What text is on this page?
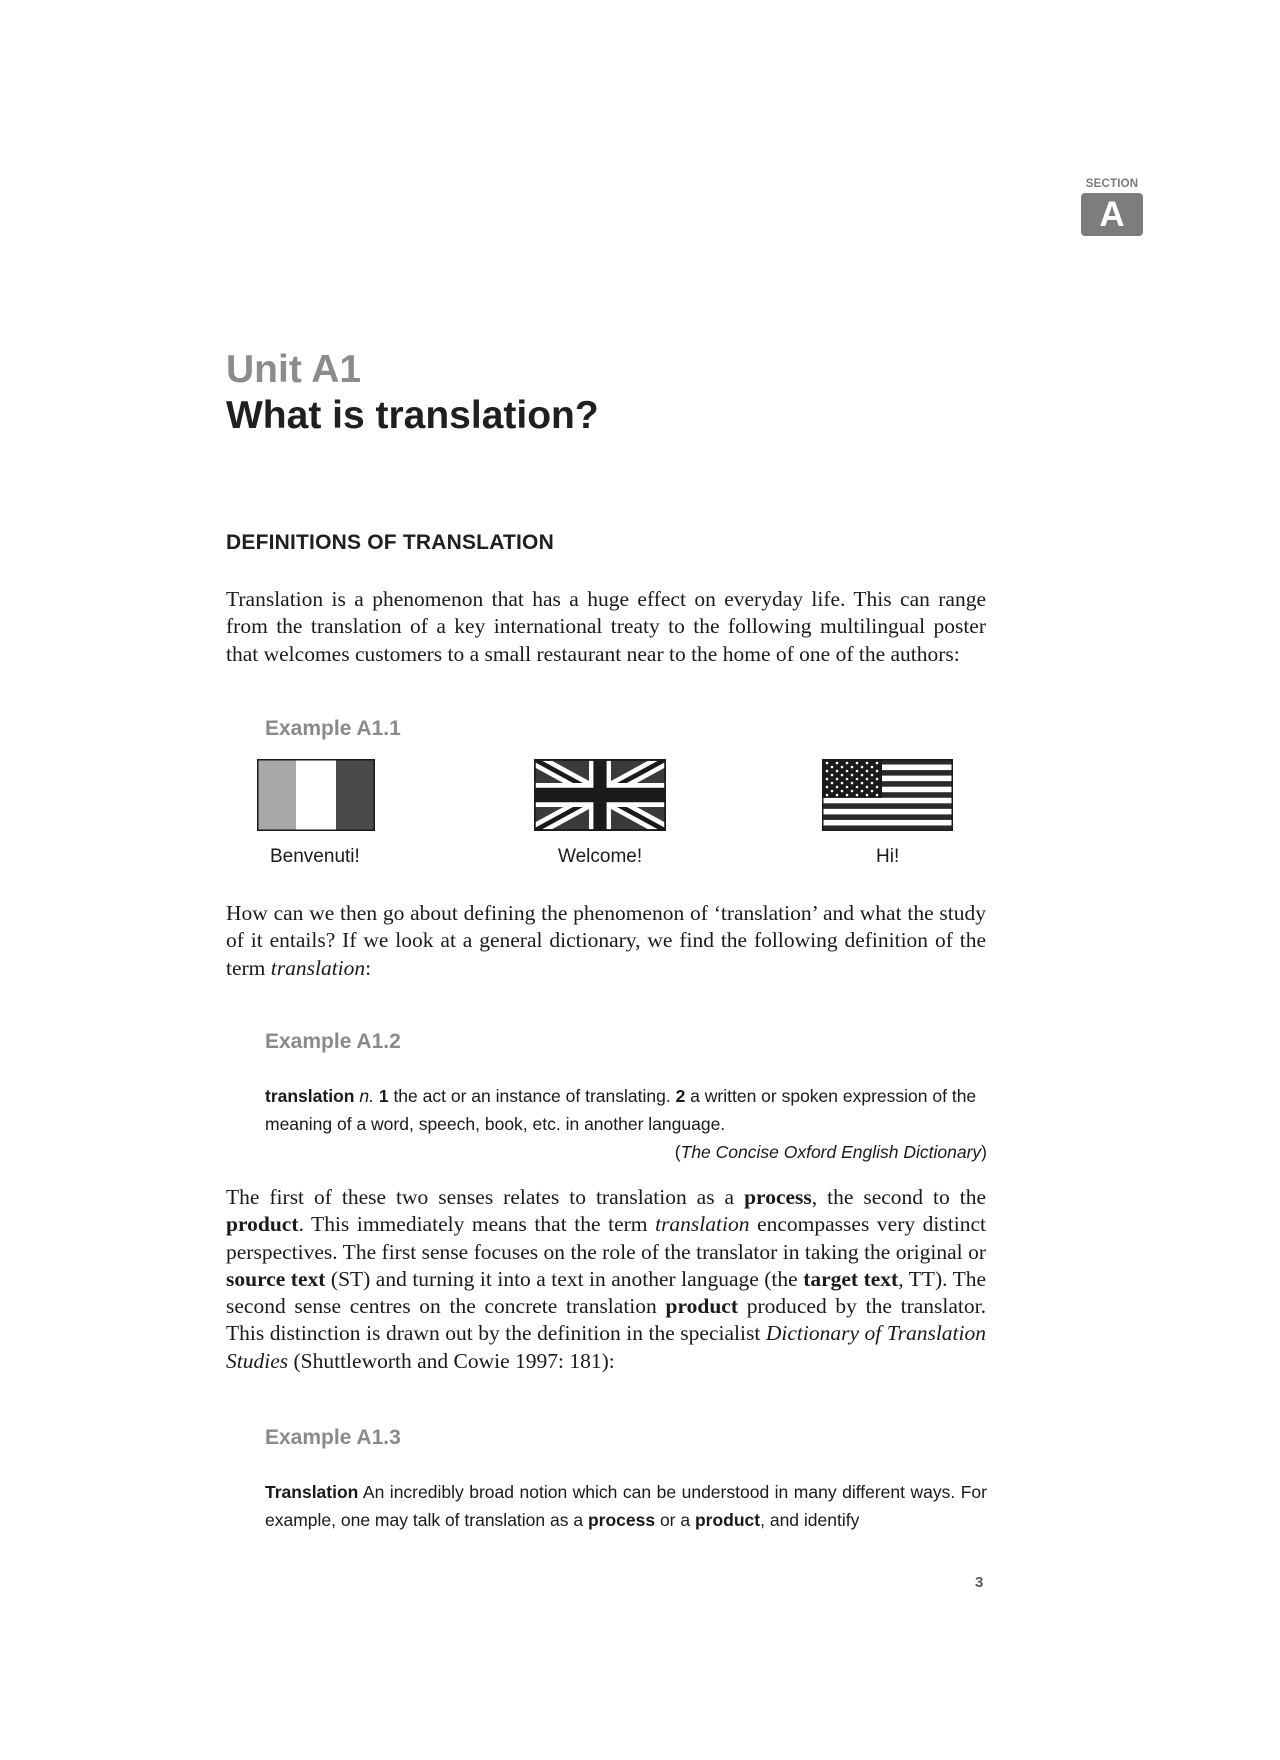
SECTION
A
Unit A1
What is translation?
DEFINITIONS OF TRANSLATION

Translation is a phenomenon that has a huge effect on everyday life. This can range from the translation of a key international treaty to the following multilingual poster that welcomes customers to a small restaurant near to the home of one of the authors:

Example A1.1
Benvenuti!	Welcome!	Hi!

How can we then go about defining the phenomenon of ‘translation’ and what the study of it entails? If we look at a general dictionary, we find the following definition of the term translation:

Example A1.2

translation n. 1 the act or an instance of translating. 2 a written or spoken expression of the meaning of a word, speech, book, etc. in another language.

(The Concise Oxford English Dictionary)

The first of these two senses relates to translation as a process, the second to the product. This immediately means that the term translation encompasses very distinct perspectives. The first sense focuses on the role of the translator in taking the original or source text (ST) and turning it into a text in another language (the target text, TT). The second sense centres on the concrete translation product produced by the translator. This distinction is drawn out by the definition in the specialist Dictionary of Translation Studies (Shuttleworth and Cowie 1997: 181):

Example A1.3

Translation An incredibly broad notion which can be understood in many different ways. For example, one may talk of translation as a process or a product, and identify

3
